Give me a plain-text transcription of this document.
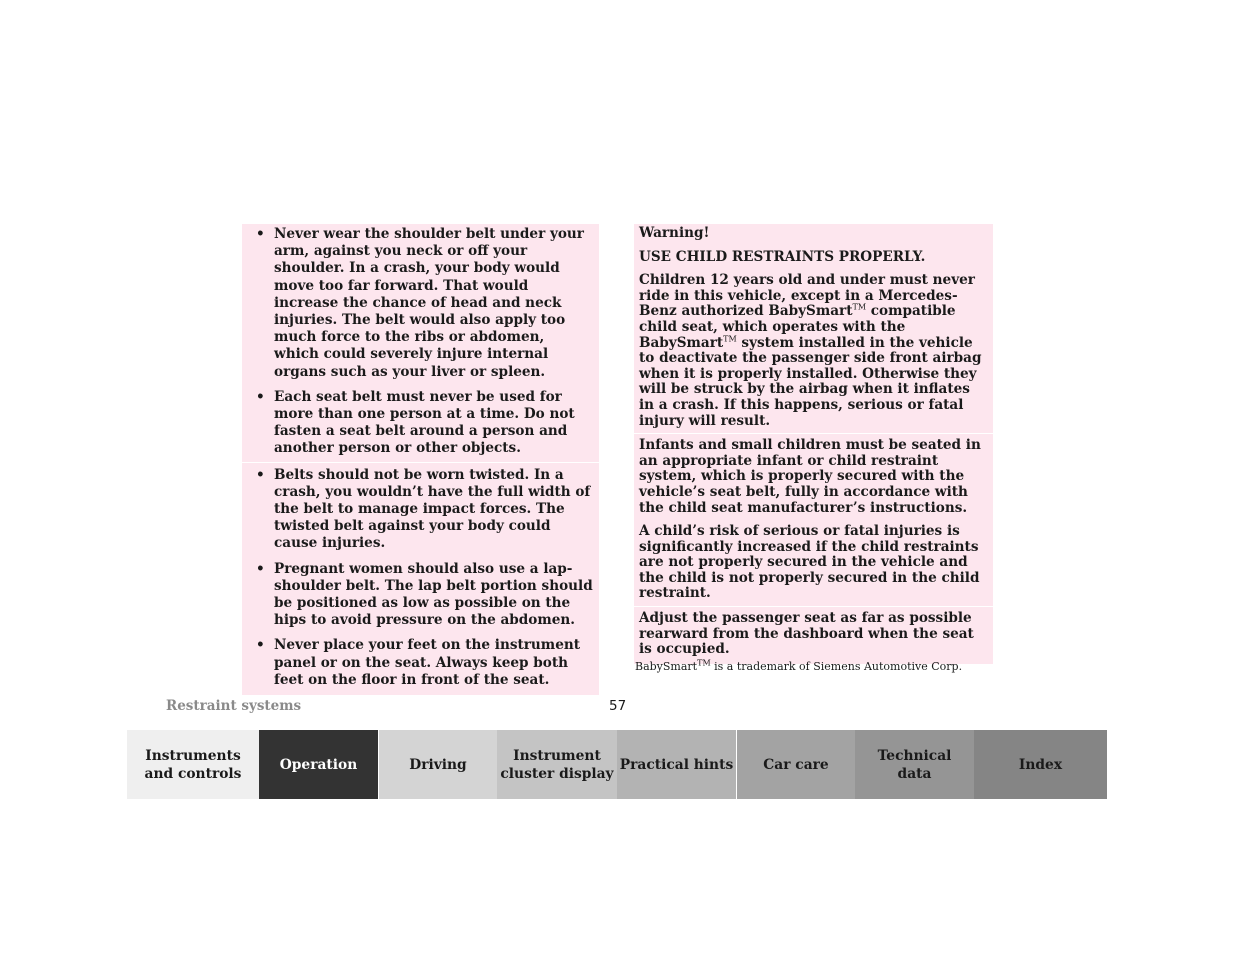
• Never wear the shoulder belt under your arm, against you neck or off your shoulder. In a crash, your body would move too far forward. That would increase the chance of head and neck injuries. The belt would also apply too much force to the ribs or abdomen, which could severely injure internal organs such as your liver or spleen.
• Each seat belt must never be used for more than one person at a time. Do not fasten a seat belt around a person and another person or other objects.
• Belts should not be worn twisted. In a crash, you wouldn’t have the full width of the belt to manage impact forces. The twisted belt against your body could cause injuries.
• Pregnant women should also use a lap-shoulder belt. The lap belt portion should be positioned as low as possible on the hips to avoid pressure on the abdomen.
• Never place your feet on the instrument panel or on the seat. Always keep both feet on the floor in front of the seat.

Warning!

USE CHILD RESTRAINTS PROPERLY.

Children 12 years old and under must never ride in this vehicle, except in a Mercedes-Benz authorized BabySmart™ compatible child seat, which operates with the BabySmart™ system installed in the vehicle to deactivate the passenger side front airbag when it is properly installed. Otherwise they will be struck by the airbag when it inflates in a crash. If this happens, serious or fatal injury will result.

Infants and small children must be seated in an appropriate infant or child restraint system, which is properly secured with the vehicle’s seat belt, fully in accordance with the child seat manufacturer’s instructions.

A child’s risk of serious or fatal injuries is significantly increased if the child restraints are not properly secured in the vehicle and the child is not properly secured in the child restraint.

Adjust the passenger seat as far as possible rearward from the dashboard when the seat is occupied.

BabySmart™ is a trademark of Siemens Automotive Corp.
Restraint systems	57
Instruments
and controls
Operation	Driving
Instrument
cluster display
Practical hints	Car care
Technical
data
Index
